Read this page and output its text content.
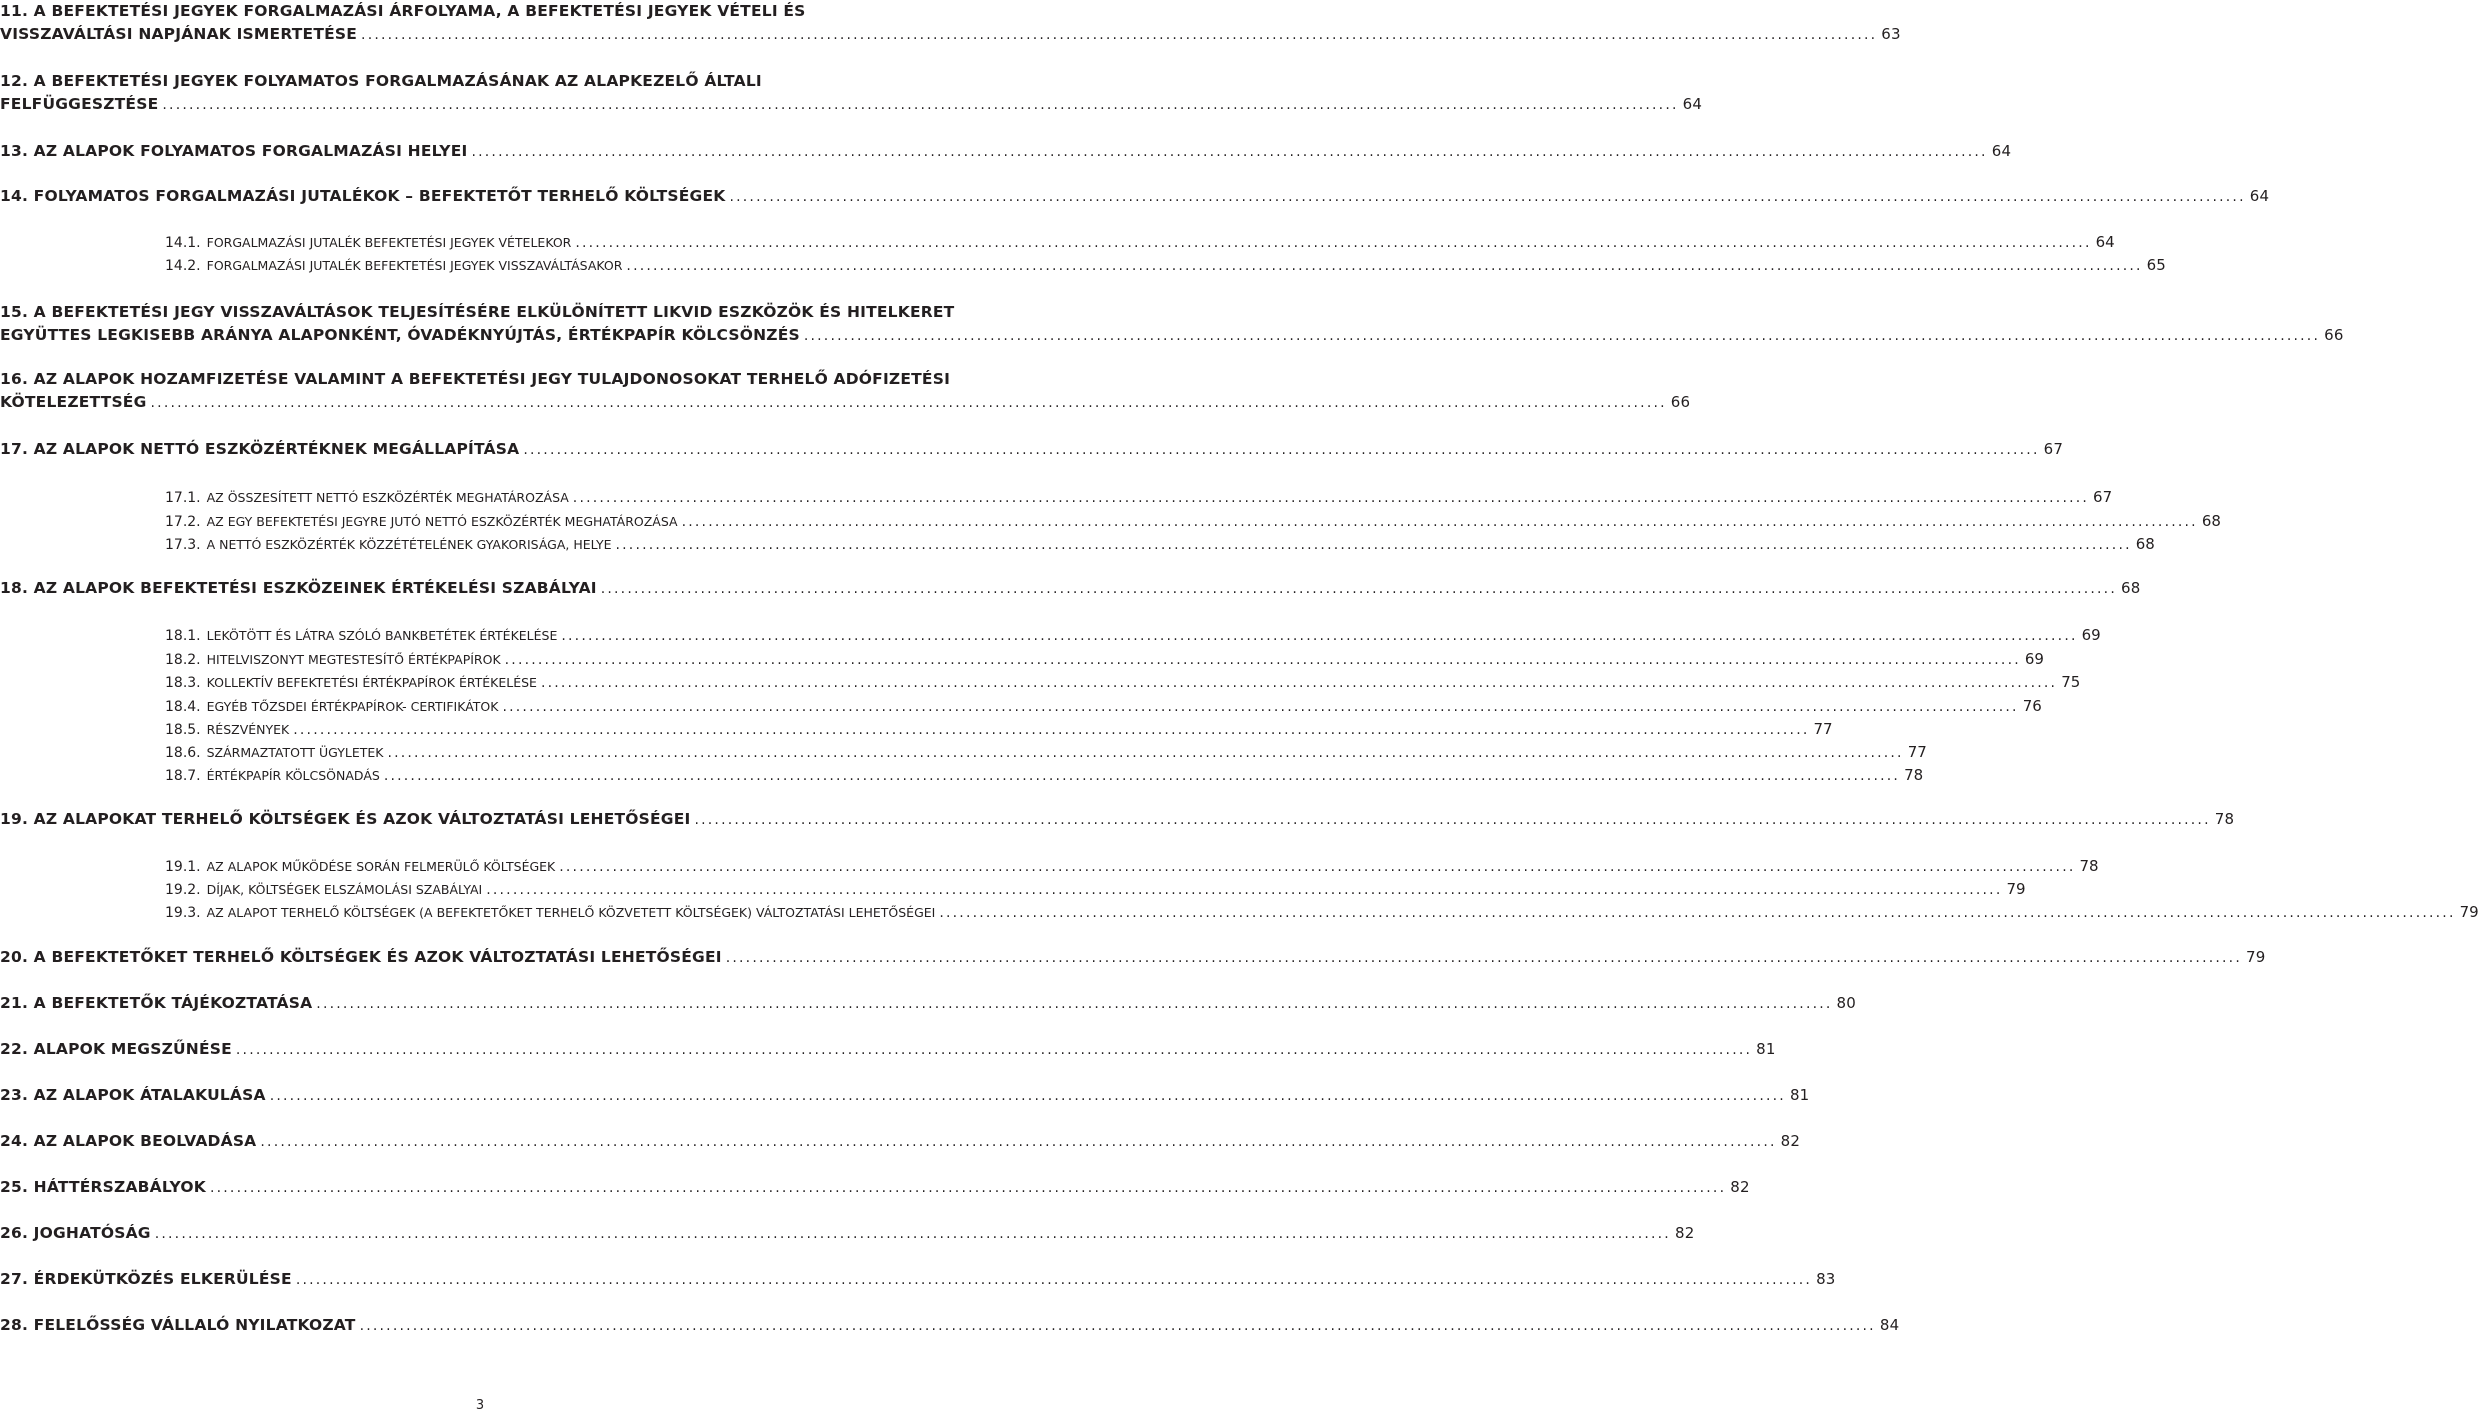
11. A BEFEKTETÉSI JEGYEK FORGALMAZÁSI ÁRFOLYAMA, A BEFEKTETÉSI JEGYEK VÉTELI ÉS
VISSZAVÁLTÁSI NAPJÁNAK ISMERTETÉSE .....	63
12. A BEFEKTETÉSI JEGYEK FOLYAMATOS FORGALMAZÁSÁNAK AZ ALAPKEZELŐ ÁLTALI
FELFÜGGESZTÉSE .....	64
13. AZ ALAPOK FOLYAMATOS FORGALMAZÁSI HELYEI .....	64
14. FOLYAMATOS FORGALMAZÁSI JUTALÉKOK – BEFEKTETŐT TERHELŐ KÖLTSÉGEK .....	64
14.1. FORGALMAZÁSI JUTALÉK BEFEKTETÉSI JEGYEK VÉTELEKOR .....	64
14.2. FORGALMAZÁSI JUTALÉK BEFEKTETÉSI JEGYEK VISSZAVÁLTÁSAKOR .....	65
15. A BEFEKTETÉSI JEGY VISSZAVÁLTÁSOK TELJESÍTÉSÉRE ELKÜLÖNÍTETT LIKVID ESZKÖZÖK ÉS HITELKERET
EGYÜTTES LEGKISEBB ARÁNYA ALAPONKÉNT, ÓVADÉKNYÚJTÁS, ÉRTÉKPAPÍR KÖLCSÖNZÉS .....	66
16. AZ ALAPOK HOZAMFIZETÉSE VALAMINT A BEFEKTETÉSI JEGY TULAJDONOSOKAT TERHELŐ ADÓFIZETÉSI
KÖTELEZETTSÉG .....	66
17. AZ ALAPOK NETTÓ ESZKÖZÉRTÉKNEK MEGÁLLAPÍTÁSA .....	67
17.1. AZ ÖSSZESÍTETT NETTÓ ESZKÖZÉRTÉK MEGHATÁROZÁSA .....	67
17.2. AZ EGY BEFEKTETÉSI JEGYRE JUTÓ NETTÓ ESZKÖZÉRTÉK MEGHATÁROZÁSA .....	68
17.3. A NETTÓ ESZKÖZÉRTÉK KÖZZÉTÉTELÉNEK GYAKORISÁGA, HELYE .....	68
18. AZ ALAPOK BEFEKTETÉSI ESZKÖZEINEK ÉRTÉKELÉSI SZABÁLYAI .....	68
18.1. LEKÖTÖTT ÉS LÁTRA SZÓLÓ BANKBETÉTEK ÉRTÉKELÉSE .....	69
18.2. HITELVISZONYT MEGTESTESÍTŐ ÉRTÉKPAPÍROK .....	69
18.3. KOLLEKTÍV BEFEKTETÉSI ÉRTÉKPAPÍROK ÉRTÉKELÉSE .....	75
18.4. EGYÉB TŐZSDEI ÉRTÉKPAPÍROK- CERTIFIKÁTOK .....	76
18.5. RÉSZVÉNYEK .....	77
18.6. SZÁRMAZTATOTT ÜGYLETEK .....	77
18.7. ÉRTÉKPAPÍR KÖLCSÖNADÁS .....	78
19. AZ ALAPOKAT TERHELŐ KÖLTSÉGEK ÉS AZOK VÁLTOZTATÁSI LEHETŐSÉGEI .....	78
19.1. AZ ALAPOK MŰKÖDÉSE SORÁN FELMERÜLŐ KÖLTSÉGEK .....	78
19.2. DÍJAK, KÖLTSÉGEK ELSZÁMOLÁSI SZABÁLYAI .....	79
19.3. AZ ALAPOT TERHELŐ KÖLTSÉGEK (A BEFEKTETŐKET TERHELŐ KÖZVETETT KÖLTSÉGEK) VÁLTOZTATÁSI LEHETŐSÉGEI .....	79
20. A BEFEKTETŐKET TERHELŐ KÖLTSÉGEK ÉS AZOK VÁLTOZTATÁSI LEHETŐSÉGEI .....	79
21. A BEFEKTETŐK TÁJÉKOZTATÁSA .....	80
22. ALAPOK MEGSZŰNÉSE .....	81
23. AZ ALAPOK ÁTALAKULÁSA .....	81
24. AZ ALAPOK BEOLVADÁSA .....	82
25. HÁTTÉRSZABÁLYOK .....	82
26. JOGHATÓSÁG .....	82
27. ÉRDEKÜTKÖZÉS ELKERÜLÉSE .....	83
28. FELELŐSSÉG VÁLLALÓ NYILATKOZAT .....	84
3
